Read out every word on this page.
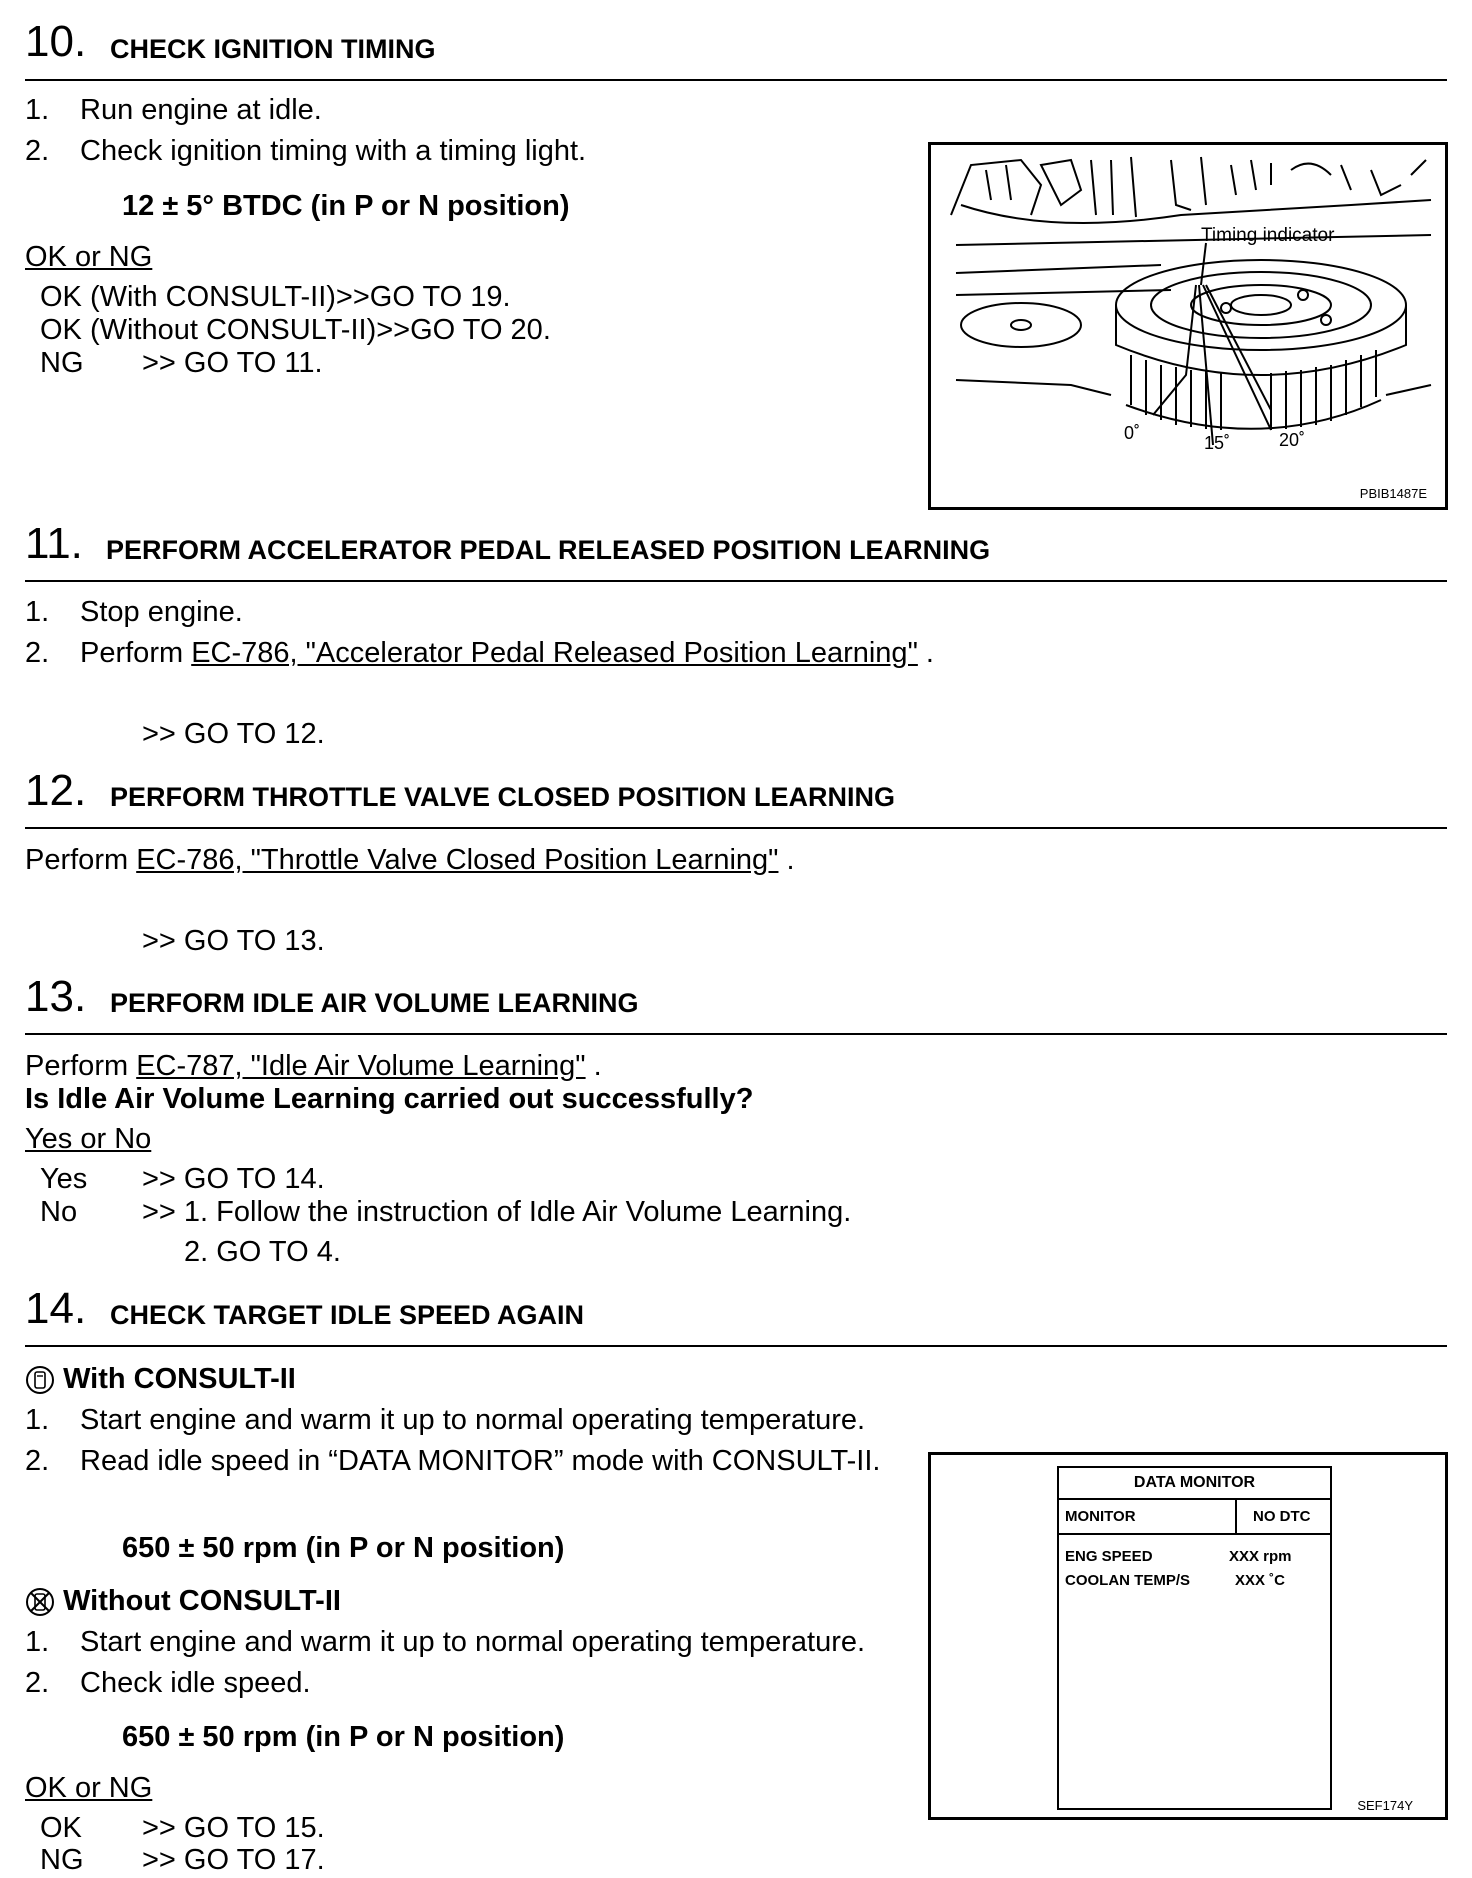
10. CHECK IGNITION TIMING
1. Run engine at idle.
2. Check ignition timing with a timing light.
12 ± 5° BTDC (in P or N position)
OK or NG
OK (With CONSULT-II)>>GO TO 19.
OK (Without CONSULT-II)>>GO TO 20.
NG >> GO TO 11.
Timing indicator
0˚	15˚	20˚
PBIB1487E
11. PERFORM ACCELERATOR PEDAL RELEASED POSITION LEARNING
1. Stop engine.
2. Perform EC-786, "Accelerator Pedal Released Position Learning" .
>> GO TO 12.
12. PERFORM THROTTLE VALVE CLOSED POSITION LEARNING
Perform EC-786, "Throttle Valve Closed Position Learning" .
>> GO TO 13.
13. PERFORM IDLE AIR VOLUME LEARNING
Perform EC-787, "Idle Air Volume Learning" .
Is Idle Air Volume Learning carried out successfully?
Yes or No
Yes >> GO TO 14.
No >> 1. Follow the instruction of Idle Air Volume Learning.
2. GO TO 4.
14. CHECK TARGET IDLE SPEED AGAIN
With CONSULT-II
1. Start engine and warm it up to normal operating temperature.
2. Read idle speed in “DATA MONITOR” mode with CONSULT-II.
650 ± 50 rpm (in P or N position)
Without CONSULT-II
1. Start engine and warm it up to normal operating temperature.
2. Check idle speed.
650 ± 50 rpm (in P or N position)
OK or NG
OK >> GO TO 15.
NG >> GO TO 17.
DATA MONITOR
MONITOR	NO DTC
ENG SPEED	XXX rpm
COOLAN TEMP/S	XXX ˚C
SEF174Y
